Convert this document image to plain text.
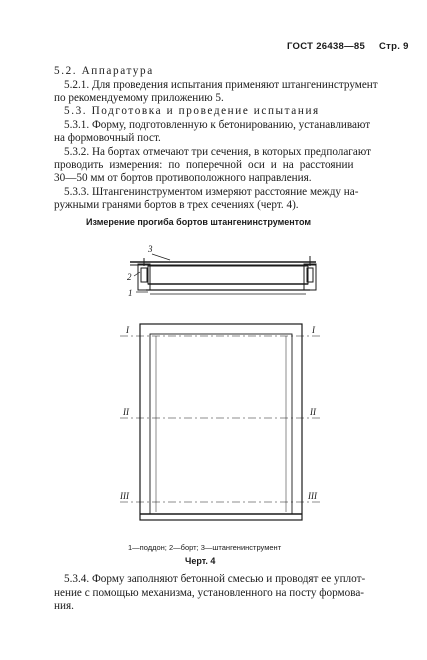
ГОСТ 26438—85 Стр. 9
5.2. Аппаратура
5.2.1. Для проведения испытания применяют штангенинструмент
по рекомендуемому приложению 5.
5.3. Подготовка и проведение испытания
5.3.1. Форму, подготовленную к бетонированию, устанавливают
на формовочный пост.
5.3.2. На бортах отмечают три сечения, в которых предполагают
проводить измерения: по поперечной оси и на расстоянии
30—50 мм от бортов противоположного направления.
5.3.3. Штангенинструментом измеряют расстояние между на-
ружными гранями бортов в трех сечениях (черт. 4).
Измерение прогиба бортов штангенинструментом
3
2
1
I	I
II	II
III	III
1—поддон; 2—борт; 3—штангенинструмент
Черт. 4
5.3.4. Форму заполняют бетонной смесью и проводят ее уплот-
нение с помощью механизма, установленного на посту формова-
ния.
